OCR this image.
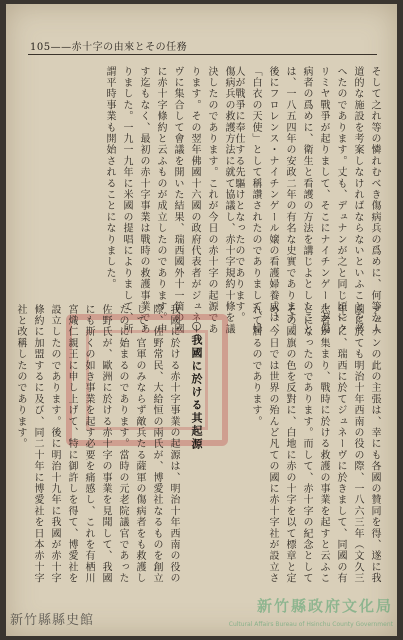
105——赤十字の由來とその任務
そして之れ等の憐れむべき傷病兵の爲めに、何等か人道的な施設を考案しなければならないといふことを考へたのであります。丈も、デュナンが之と同じ頃にクリミヤ戰爭が起りまして、そこにナイチンゲールが傷病者の爲めに、衛生と看護の方法を講じよとしたことは、一八五四年の安政二年の有名な史實であります。後にフロレンス・ナイチンゲール嬢の看護婦養成は、「白衣の天使」として稱讚されたのでありまして、婦人が戰爭に奉仕する先驅けとなったのであります。
傷病兵の救護方法に就て協議し、赤十字規約十條を議決したのであります。これが今日の赤十字の起源であります。その翌年佛國十六國の政府代表者がジュネーヴに集合して會議を開いた結果、瑞西國外十一箇の國に赤十字條約と云ふものが成立したのであります。申す迄もなく、最初の赤十字事業は戰時の救護事業でありました。一九一九年に米國の提唱によりまして、所謂平時事業も開始されることになりました。
デュナンの此の主張は、幸にも各國の贊同を得、遂に我國に於ても明治十年西南の役の際、一八六三年（文久三年）に、瑞西に於てジュネーヴに於きまして、同國の有志者が集まり、戰時に於ける救護の事業を起すと云ふことになったのであります。而して、赤十字の紀念としてその國旗の色を反對に、白地に赤の十字を以て標章と定め、今日では世界の殆んど凡ての國に赤十字社が設立されて居るのであります。
○我國に於ける其起源
我國に於ける赤十字事業の起源は、明治十年西南の役の際、佐野常民、大給恒の兩氏が、博愛社なるものを創立して、官軍のみならず敵兵たる薩軍の傷病者をも救護したのに始まるのであります。當時の元老院議官であった佐野氏が、歐洲に於ける赤十字の事業を見聞して、我國にも斯くの如き事業を起す必要を痛感し、これを有栖川宮熾仁親王に申し上げて、特に御許しを得て、博愛社を設立したのであります。後に明治十九年に我國が赤十字條約に加盟するに及び、同二十年に博愛社を日本赤十字社と改稱したのであります。
新竹縣政府文化局
Cultural Affairs Bureau of Hsinchu County Government
新竹縣縣史館
